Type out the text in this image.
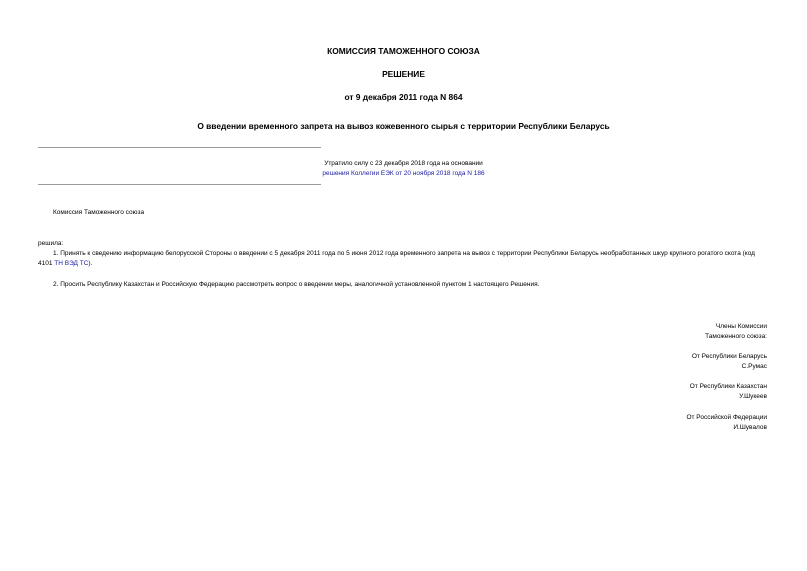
КОМИССИЯ ТАМОЖЕННОГО СОЮЗА
РЕШЕНИЕ
от 9 декабря 2011 года N 864
О введении временного запрета на вывоз кожевенного сырья с территории Республики Беларусь
Утратило силу с 23 декабря 2018 года на основании
решения Коллегии ЕЭК от 20 ноября 2018 года N 186
Комиссия Таможенного союза
решила:
1. Принять к сведению информацию белорусской Стороны о введении с 5 декабря 2011 года по 5 июня 2012 года временного запрета на вывоз с территории Республики Беларусь необработанных шкур крупного рогатого скота (код 4101 ТН ВЭД ТС).
2. Просить Республику Казахстан и Российскую Федерацию рассмотреть вопрос о введении меры, аналогичной установленной пунктом 1 настоящего Решения.
Члены Комиссии
Таможенного союза:
От Республики Беларусь
С.Румас
От Республики Казахстан
У.Шукеев
От Российской Федерации
И.Шувалов
